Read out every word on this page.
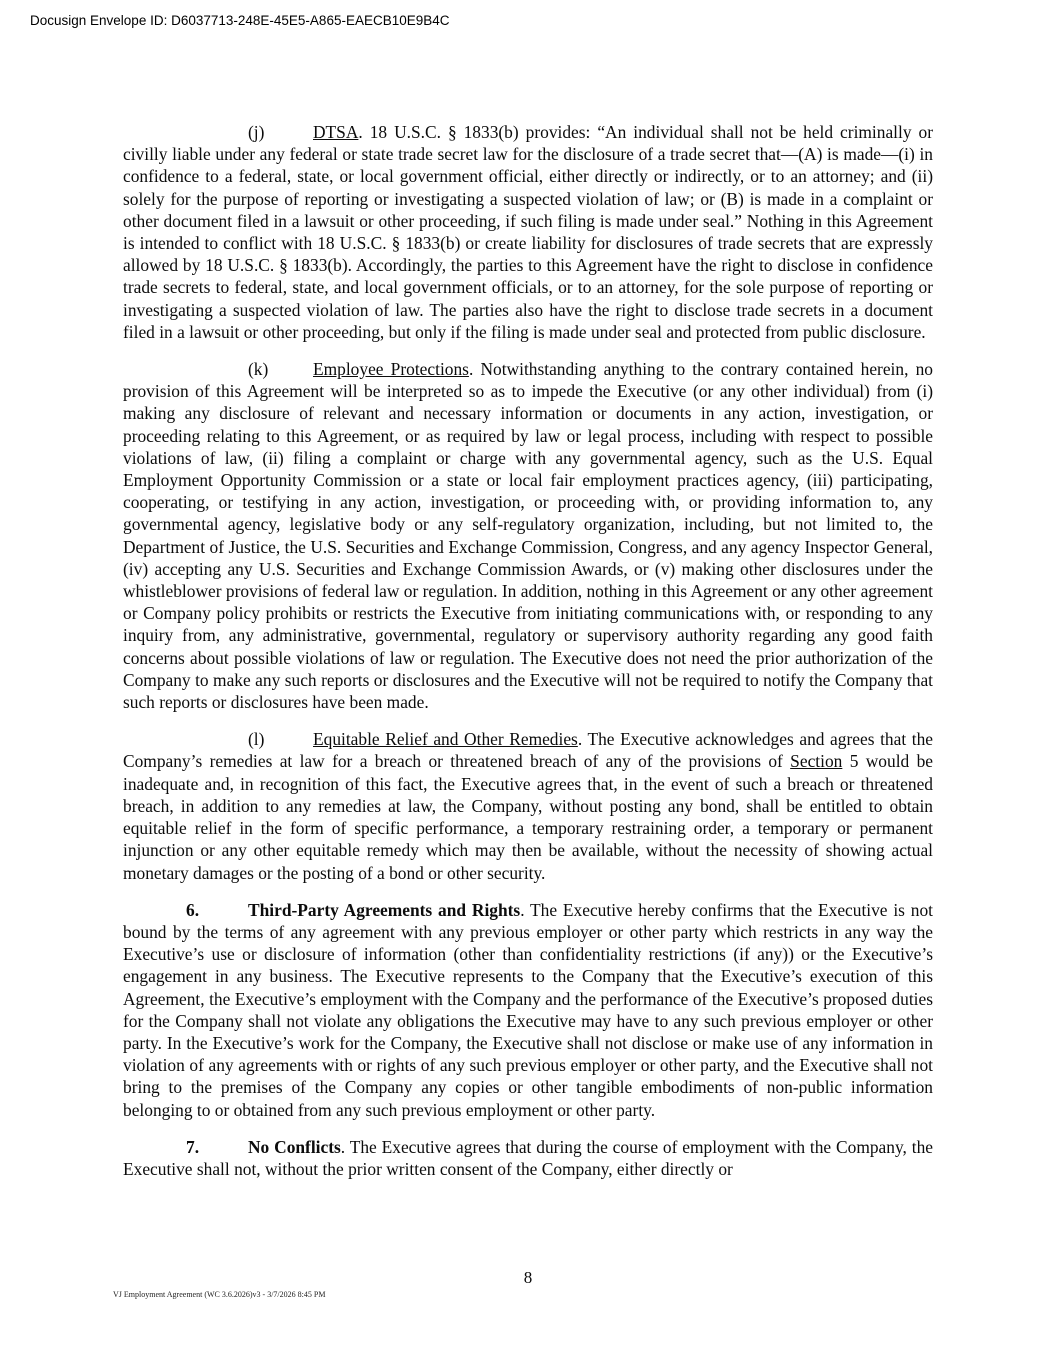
Docusign Envelope ID: D6037713-248E-45E5-A865-EAECB10E9B4C

(j)	DTSA. 18 U.S.C. § 1833(b) provides: “An individual shall not be held criminally or civilly liable under any federal or state trade secret law for the disclosure of a trade secret that—(A) is made—(i) in confidence to a federal, state, or local government official, either directly or indirectly, or to an attorney; and (ii) solely for the purpose of reporting or investigating a suspected violation of law; or (B) is made in a complaint or other document filed in a lawsuit or other proceeding, if such filing is made under seal.” Nothing in this Agreement is intended to conflict with 18 U.S.C. § 1833(b) or create liability for disclosures of trade secrets that are expressly allowed by 18 U.S.C. § 1833(b). Accordingly, the parties to this Agreement have the right to disclose in confidence trade secrets to federal, state, and local government officials, or to an attorney, for the sole purpose of reporting or investigating a suspected violation of law. The parties also have the right to disclose trade secrets in a document filed in a lawsuit or other proceeding, but only if the filing is made under seal and protected from public disclosure.

(k)	Employee Protections. Notwithstanding anything to the contrary contained herein, no provision of this Agreement will be interpreted so as to impede the Executive (or any other individual) from (i) making any disclosure of relevant and necessary information or documents in any action, investigation, or proceeding relating to this Agreement, or as required by law or legal process, including with respect to possible violations of law, (ii) filing a complaint or charge with any governmental agency, such as the U.S. Equal Employment Opportunity Commission or a state or local fair employment practices agency, (iii) participating, cooperating, or testifying in any action, investigation, or proceeding with, or providing information to, any governmental agency, legislative body or any self-regulatory organization, including, but not limited to, the Department of Justice, the U.S. Securities and Exchange Commission, Congress, and any agency Inspector General, (iv) accepting any U.S. Securities and Exchange Commission Awards, or (v) making other disclosures under the whistleblower provisions of federal law or regulation. In addition, nothing in this Agreement or any other agreement or Company policy prohibits or restricts the Executive from initiating communications with, or responding to any inquiry from, any administrative, governmental, regulatory or supervisory authority regarding any good faith concerns about possible violations of law or regulation. The Executive does not need the prior authorization of the Company to make any such reports or disclosures and the Executive will not be required to notify the Company that such reports or disclosures have been made.

(l)	Equitable Relief and Other Remedies. The Executive acknowledges and agrees that the Company’s remedies at law for a breach or threatened breach of any of the provisions of Section 5 would be inadequate and, in recognition of this fact, the Executive agrees that, in the event of such a breach or threatened breach, in addition to any remedies at law, the Company, without posting any bond, shall be entitled to obtain equitable relief in the form of specific performance, a temporary restraining order, a temporary or permanent injunction or any other equitable remedy which may then be available, without the necessity of showing actual monetary damages or the posting of a bond or other security.

6.	Third-Party Agreements and Rights. The Executive hereby confirms that the Executive is not bound by the terms of any agreement with any previous employer or other party which restricts in any way the Executive’s use or disclosure of information (other than confidentiality restrictions (if any)) or the Executive’s engagement in any business. The Executive represents to the Company that the Executive’s execution of this Agreement, the Executive’s employment with the Company and the performance of the Executive’s proposed duties for the Company shall not violate any obligations the Executive may have to any such previous employer or other party. In the Executive’s work for the Company, the Executive shall not disclose or make use of any information in violation of any agreements with or rights of any such previous employer or other party, and the Executive shall not bring to the premises of the Company any copies or other tangible embodiments of non-public information belonging to or obtained from any such previous employment or other party.

7.	No Conflicts. The Executive agrees that during the course of employment with the Company, the Executive shall not, without the prior written consent of the Company, either directly or

8
VJ Employment Agreement (WC 3.6.2026)v3 - 3/7/2026 8:45 PM
